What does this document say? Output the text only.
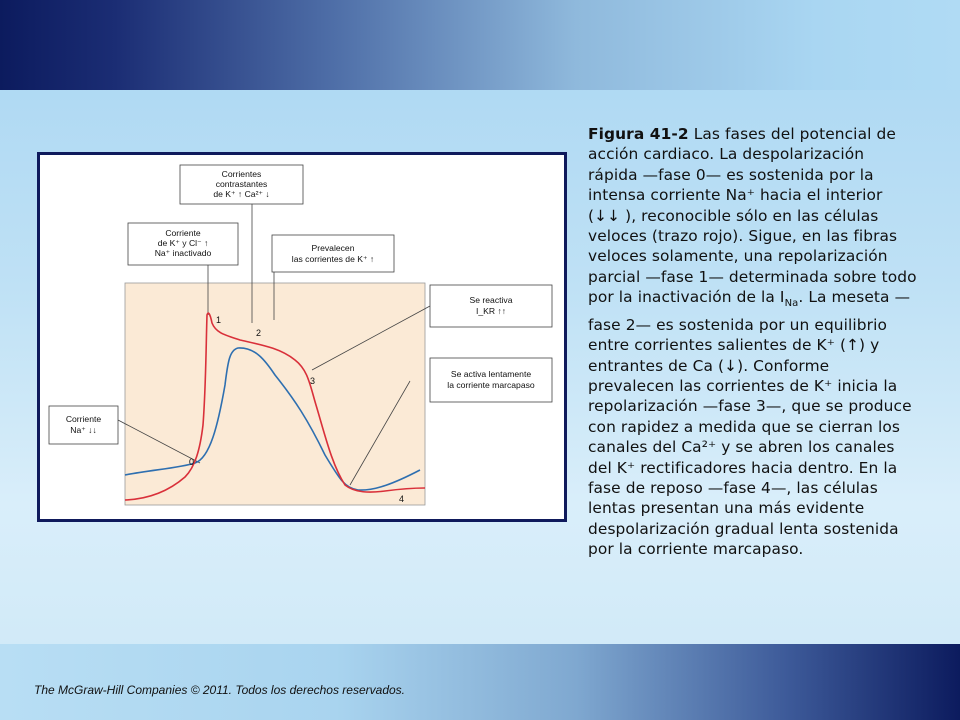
Corrientes
contrastantes
de K⁺ ↑ Ca²⁺ ↓
Corriente
de K⁺ y Cl⁻ ↑
Na⁺ inactivado	Prevalecen
las corrientes de K⁺ ↑
Se reactiva
I_KR ↑↑
Se activa lentamente
la corriente marcapaso
Corriente
Na⁺ ↓↓
0
1
2
3
4
Figura 41-2 Las fases del potencial de acción cardiaco. La despolarización rápida —fase 0— es sostenida por la intensa corriente Na⁺ hacia el interior (↓↓ ), reconocible sólo en las células veloces (trazo rojo). Sigue, en las fibras veloces solamente, una repolarización parcial —fase 1— determinada sobre todo por la inactivación de la $I_{Na}$. La meseta —fase 2— es sostenida por un equilibrio entre corrientes salientes de K⁺ (↑) y entrantes de Ca (↓). Conforme prevalecen las corrientes de K⁺ inicia la repolarización —fase 3—, que se produce con rapidez a medida que se cierran los canales del Ca²⁺ y se abren los canales del K⁺ rectificadores hacia dentro. En la fase de reposo —fase 4—, las células lentas presentan una más evidente despolarización gradual lenta sostenida por la corriente marcapaso.
The McGraw-Hill Companies © 2011. Todos los derechos reservados.
